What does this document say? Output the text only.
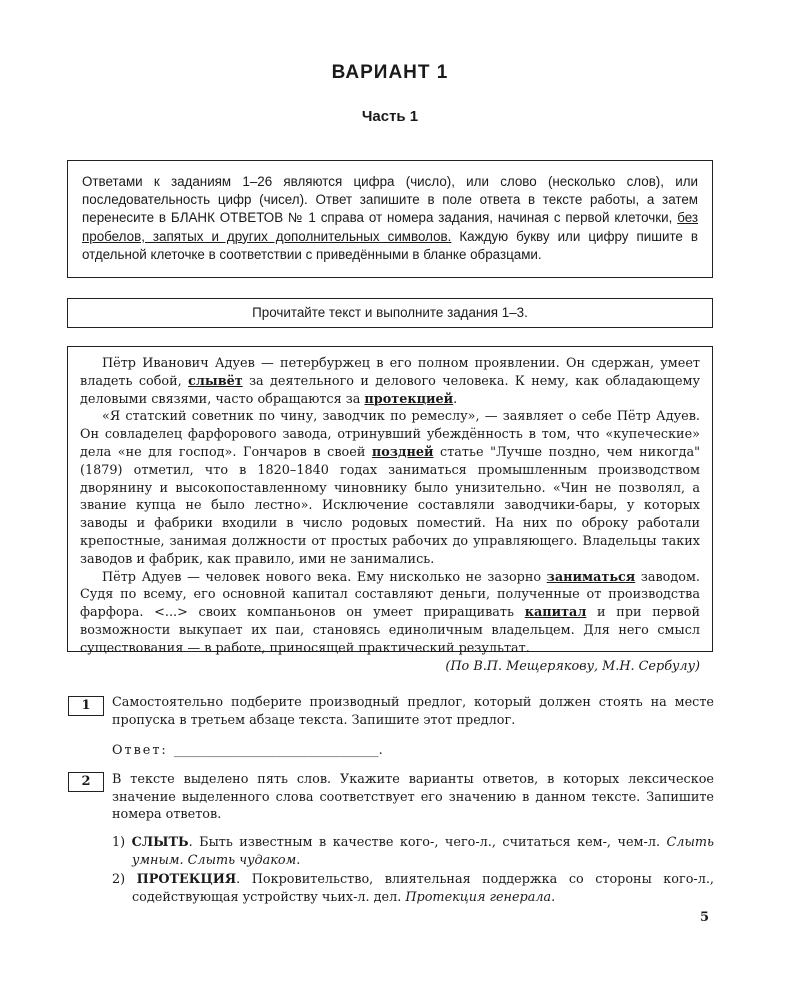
ВАРИАНТ 1
Часть 1
Ответами к заданиям 1–26 являются цифра (число), или слово (несколько слов), или последовательность цифр (чисел). Ответ запишите в поле ответа в тексте работы, а затем перенесите в БЛАНК ОТВЕТОВ № 1 справа от номера задания, начиная с первой клеточки, без пробелов, запятых и других дополнительных символов. Каждую букву или цифру пишите в отдельной клеточке в соответствии с приведёнными в бланке образцами.
Прочитайте текст и выполните задания 1–3.

Пётр Иванович Адуев — петербуржец в его полном проявлении. Он сдержан, умеет владеть собой, слывёт за деятельного и делового человека. К нему, как обладающему деловыми связями, часто обращаются за протекцией.

«Я статский советник по чину, заводчик по ремеслу», — заявляет о себе Пётр Адуев. Он совладелец фарфорового завода, отринувший убеждённость в том, что «купеческие» дела «не для господ». Гончаров в своей поздней статье "Лучше поздно, чем никогда" (1879) отметил, что в 1820–1840 годах заниматься промышленным производством дворянину и высокопоставленному чиновнику было унизительно. «Чин не позволял, а звание купца не было лестно». Исключение составляли заводчики-бары, у которых заводы и фабрики входили в число родовых поместий. На них по оброку работали крепостные, занимая должности от простых рабочих до управляющего. Владельцы таких заводов и фабрик, как правило, ими не занимались.

Пётр Адуев — человек нового века. Ему нисколько не зазорно заниматься заводом. Судя по всему, его основной капитал составляют деньги, полученные от производства фарфора. <...> своих компаньонов он умеет приращивать капитал и при первой возможности выкупает их паи, становясь единоличным владельцем. Для него смысл существования — в работе, приносящей практический результат.

(По В.П. Мещерякову, М.Н. Сербулу)

1	Самостоятельно подберите производный предлог, который должен стоять на месте пропуска в третьем абзаце текста. Запишите этот предлог.
Ответ: ________________________________.
2	В тексте выделено пять слов. Укажите варианты ответов, в которых лексическое значение выделенного слова соответствует его значению в данном тексте. Запишите номера ответов.
1) СЛЫТЬ. Быть известным в качестве кого-, чего-л., считаться кем-, чем-л. Слыть умным. Слыть чудаком.
2) ПРОТЕКЦИЯ. Покровительство, влиятельная поддержка со стороны кого-л., содействующая устройству чьих-л. дел. Протекция генерала.
5
